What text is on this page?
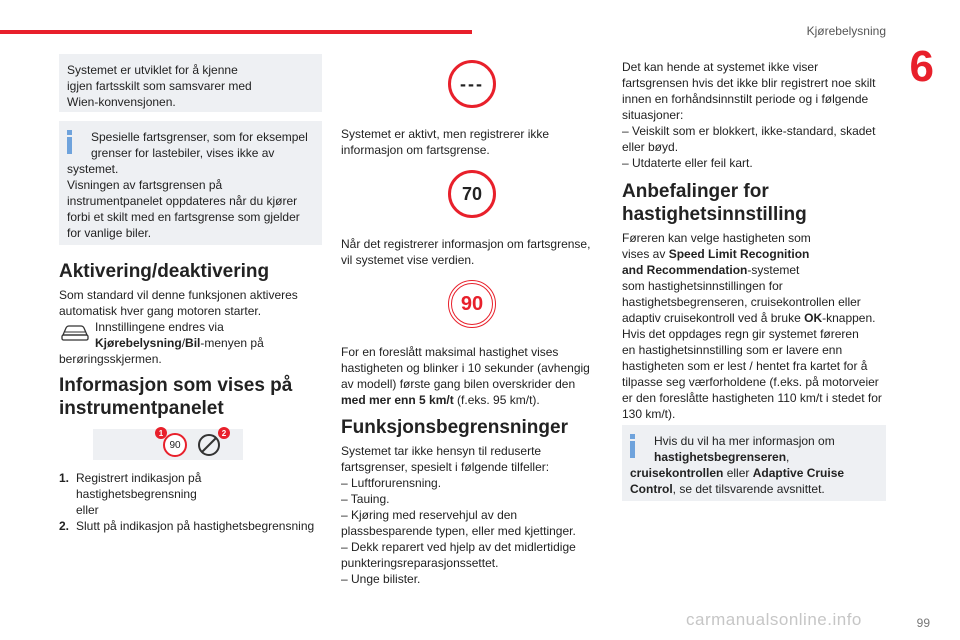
Kjørebelysning
6
Systemet er utviklet for å kjenne
igjen fartsskilt som samsvarer med
Wien-konvensjonen.
Spesielle fartsgrenser, som for eksempel
grenser for lastebiler, vises ikke av
systemet.
Visningen av fartsgrensen på
instrumentpanelet oppdateres når du kjører
forbi et skilt med en fartsgrense som gjelder
for vanlige biler.
Aktivering/deaktivering
Som standard vil denne funksjonen aktiveres
automatisk hver gang motoren starter.
Innstillingene endres via
Kjørebelysning/Bil-menyen på
berøringsskjermen.
Informasjon som vises på
instrumentpanelet
90
1	2
1. Registrert indikasjon på
hastighetsbegrensning
eller
2. Slutt på indikasjon på hastighetsbegrensning
---
Systemet er aktivt, men registrerer ikke
informasjon om fartsgrense.
70
Når det registrerer informasjon om fartsgrense,
vil systemet vise verdien.
90
For en foreslått maksimal hastighet vises
hastigheten og blinker i 10 sekunder (avhengig
av modell) første gang bilen overskrider den
med mer enn 5 km/t (f.eks. 95 km/t).
Funksjonsbegrensninger
Systemet tar ikke hensyn til reduserte
fartsgrenser, spesielt i følgende tilfeller:
– Luftforurensning.
– Tauing.
– Kjøring med reservehjul av den
plassbesparende typen, eller med kjettinger.
– Dekk reparert ved hjelp av det midlertidige
punkteringsreparasjonssettet.
– Unge bilister.
Det kan hende at systemet ikke viser
fartsgrensen hvis det ikke blir registrert noe skilt
innen en forhåndsinnstilt periode og i følgende
situasjoner:
– Veiskilt som er blokkert, ikke-standard, skadet
eller bøyd.
– Utdaterte eller feil kart.
Anbefalinger for
hastighetsinnstilling
Føreren kan velge hastigheten som
vises av Speed Limit Recognition
and Recommendation-systemet
som hastighetsinnstillingen for
hastighetsbegrenseren, cruisekontrollen eller
adaptiv cruisekontroll ved å bruke OK-knappen.
Hvis det oppdages regn gir systemet føreren
en hastighetsinnstilling som er lavere enn
hastigheten som er lest / hentet fra kartet for å
tilpasse seg værforholdene (f.eks. på motorveier
er den foreslåtte hastigheten 110 km/t i stedet for
130 km/t).
Hvis du vil ha mer informasjon om
hastighetsbegrenseren,
cruisekontrollen eller Adaptive Cruise
Control, se det tilsvarende avsnittet.
carmanualsonline.info	99
